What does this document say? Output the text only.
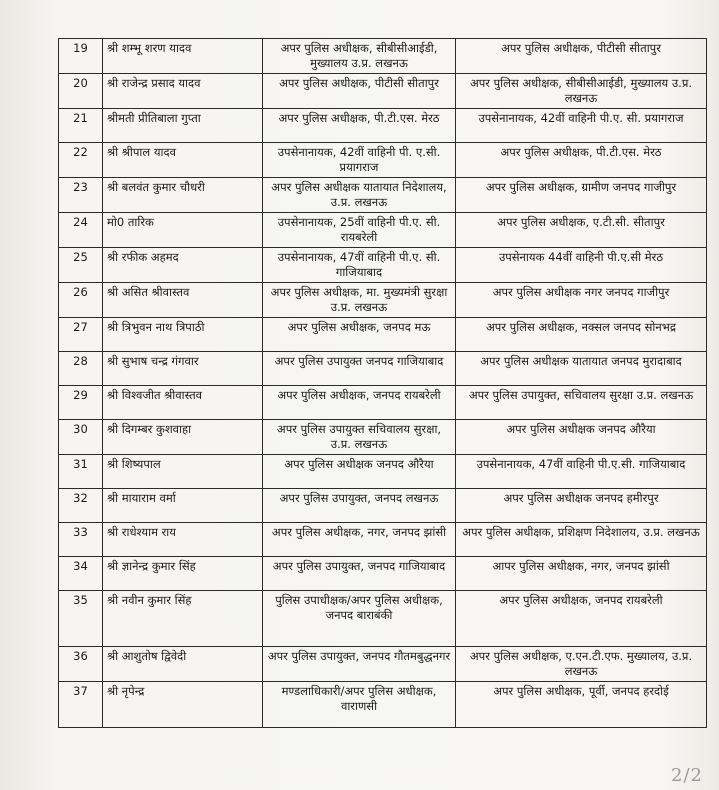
19	श्री शम्भू शरण यादव	अपर पुलिस अधीक्षक, सीबीसीआईडी, मुख्यालय उ.प्र. लखनऊ	अपर पुलिस अधीक्षक, पीटीसी सीतापुर
20	श्री राजेन्द्र प्रसाद यादव	अपर पुलिस अधीक्षक, पीटीसी सीतापुर	अपर पुलिस अधीक्षक, सीबीसीआईडी, मुख्यालय उ.प्र. लखनऊ
21	श्रीमती प्रीतिबाला गुप्ता	अपर पुलिस अधीक्षक, पी.टी.एस. मेरठ	उपसेनानायक, 42वीं वाहिनी पी.ए. सी. प्रयागराज
22	श्री श्रीपाल यादव	उपसेनानायक, 42वीं वाहिनी पी. ए.सी. प्रयागराज	अपर पुलिस अधीक्षक, पी.टी.एस. मेरठ
23	श्री बलवंत कुमार चौधरी	अपर पुलिस अधीक्षक यातायात निदेशालय, उ.प्र. लखनऊ	अपर पुलिस अधीक्षक, ग्रामीण जनपद गाजीपुर
24	मो0 तारिक	उपसेनानायक, 25वीं वाहिनी पी.ए. सी. रायबरेली	अपर पुलिस अधीक्षक, ए.टी.सी. सीतापुर
25	श्री रफीक अहमद	उपसेनानायक, 47वीं वाहिनी पी.ए. सी. गाजियाबाद	उपसेनायक 44वीं वाहिनी पी.ए.सी मेरठ
26	श्री असित श्रीवास्तव	अपर पुलिस अधीक्षक, मा. मुख्यमंत्री सुरक्षा उ.प्र. लखनऊ	अपर पुलिस अधीक्षक नगर जनपद गाजीपुर
27	श्री त्रिभुवन नाथ त्रिपाठी	अपर पुलिस अधीक्षक, जनपद मऊ	अपर पुलिस अधीक्षक, नक्सल जनपद सोनभद्र
28	श्री सुभाष चन्द्र गंगवार	अपर पुलिस उपायुक्त जनपद गाजियाबाद	अपर पुलिस अधीक्षक यातायात जनपद मुरादाबाद
29	श्री विश्वजीत श्रीवास्तव	अपर पुलिस अधीक्षक, जनपद रायबरेली	अपर पुलिस उपायुक्त, सचिवालय सुरक्षा उ.प्र. लखनऊ
30	श्री दिगम्बर कुशवाहा	अपर पुलिस उपायुक्त सचिवालय सुरक्षा, उ.प्र. लखनऊ	अपर पुलिस अधीक्षक जनपद औरैया
31	श्री शिष्यपाल	अपर पुलिस अधीक्षक जनपद औरैया	उपसेनानायक, 47वीं वाहिनी पी.ए.सी. गाजियाबाद
32	श्री मायाराम वर्मा	अपर पुलिस उपायुक्त, जनपद लखनऊ	अपर पुलिस अधीक्षक जनपद हमीरपुर
33	श्री राधेश्याम राय	अपर पुलिस अधीक्षक, नगर, जनपद झांसी	अपर पुलिस अधीक्षक, प्रशिक्षण निदेशालय, उ.प्र. लखनऊ
34	श्री ज्ञानेन्द्र कुमार सिंह	अपर पुलिस उपायुक्त, जनपद गाजियाबाद	आपर पुलिस अधीक्षक, नगर, जनपद झांसी
35	श्री नवीन कुमार सिंह	पुलिस उपाधीक्षक/अपर पुलिस अधीक्षक, जनपद बाराबंकी	अपर पुलिस अधीक्षक, जनपद रायबरेली
36	श्री आशुतोष द्विवेदी	अपर पुलिस उपायुक्त, जनपद गौतमबुद्धनगर	अपर पुलिस अधीक्षक, ए.एन.टी.एफ. मुख्यालय, उ.प्र. लखनऊ
37	श्री नृपेन्द्र	मण्डलाधिकारी/अपर पुलिस अधीक्षक, वाराणसी	अपर पुलिस अधीक्षक, पूर्वी, जनपद हरदोई
2/2
